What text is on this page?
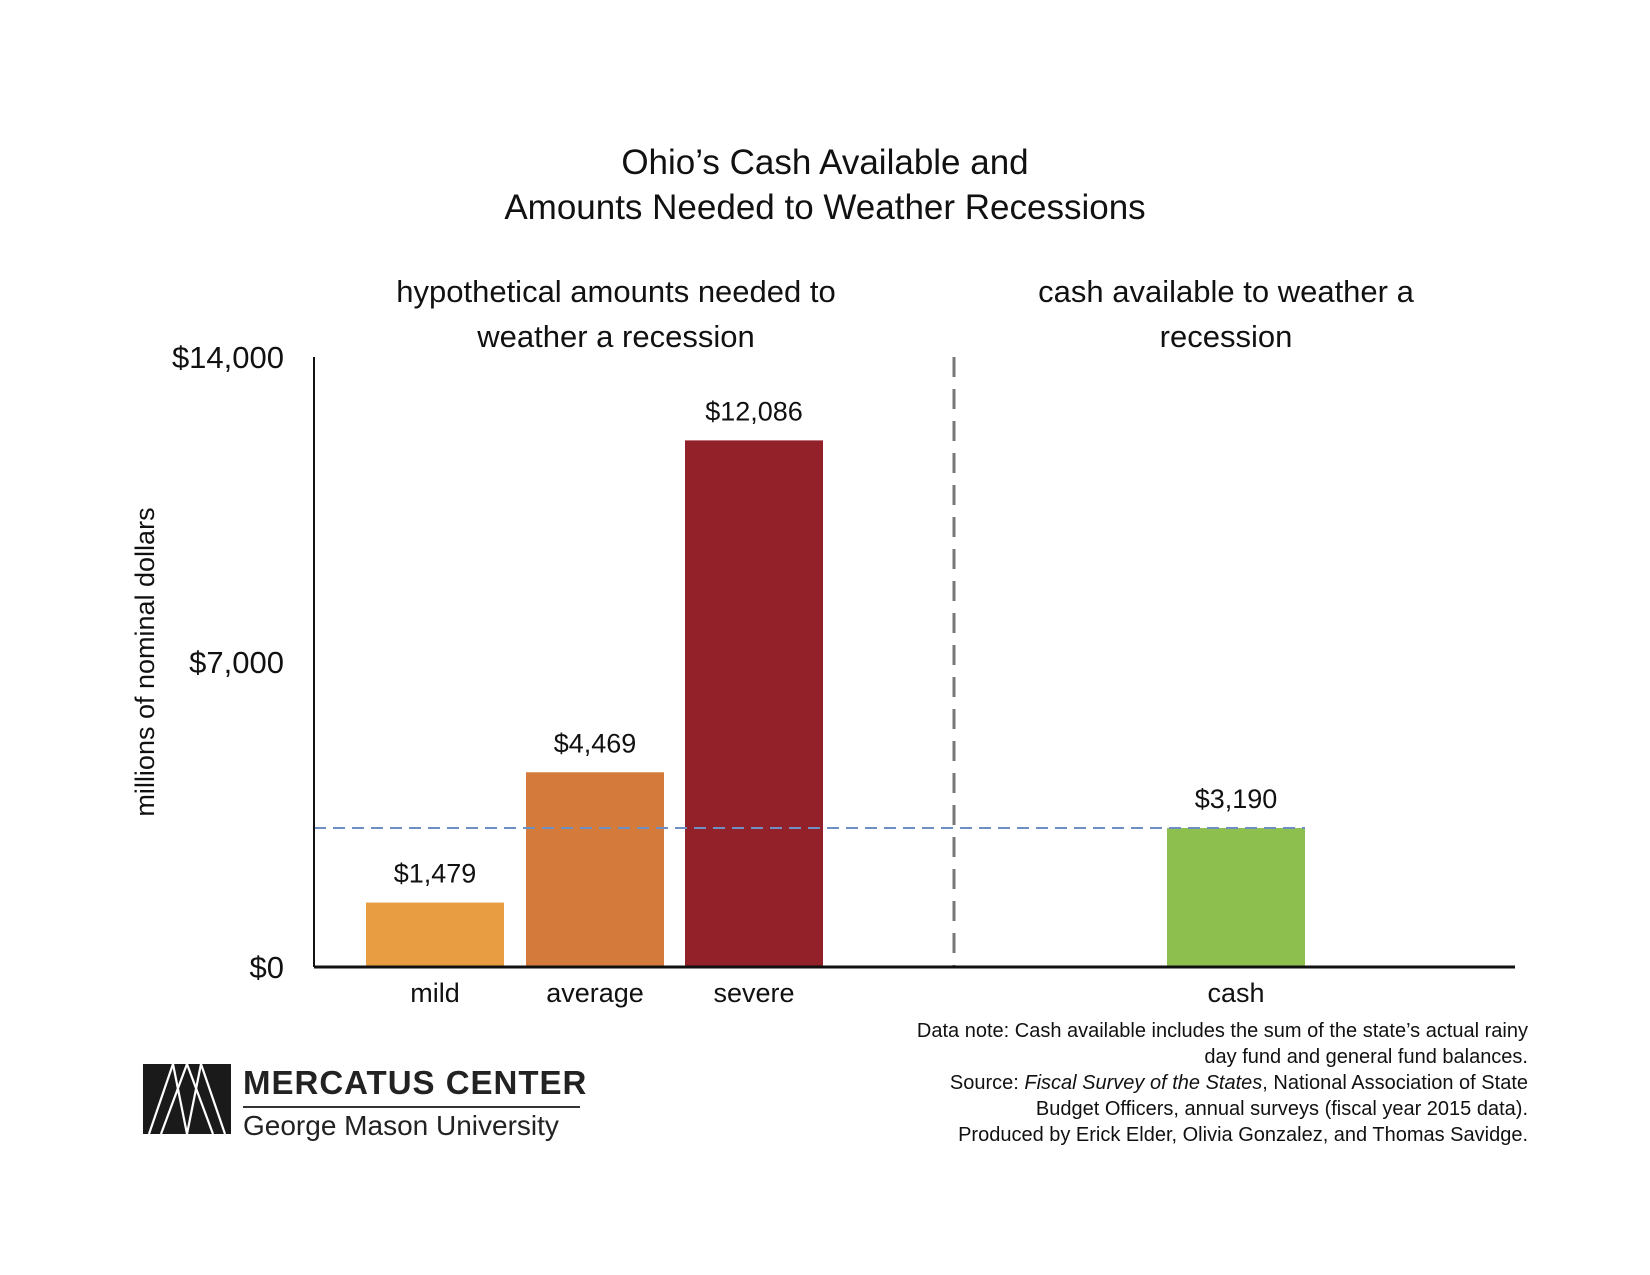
Ohio’s Cash Available and
Amounts Needed to Weather Recessions
hypothetical amounts needed to
weather a recession
cash available to weather a
recession
millions of nominal dollars
$0
$7,000
$14,000
$1,479
mild
$4,469
average
$12,086
severe
$3,190
cash
Data note: Cash available includes the sum of the state’s actual rainy
day fund and general fund balances.
Source: Fiscal Survey of the States, National Association of State
Budget Officers, annual surveys (fiscal year 2015 data).
Produced by Erick Elder, Olivia Gonzalez, and Thomas Savidge.
MERCATUS CENTER
George Mason University
